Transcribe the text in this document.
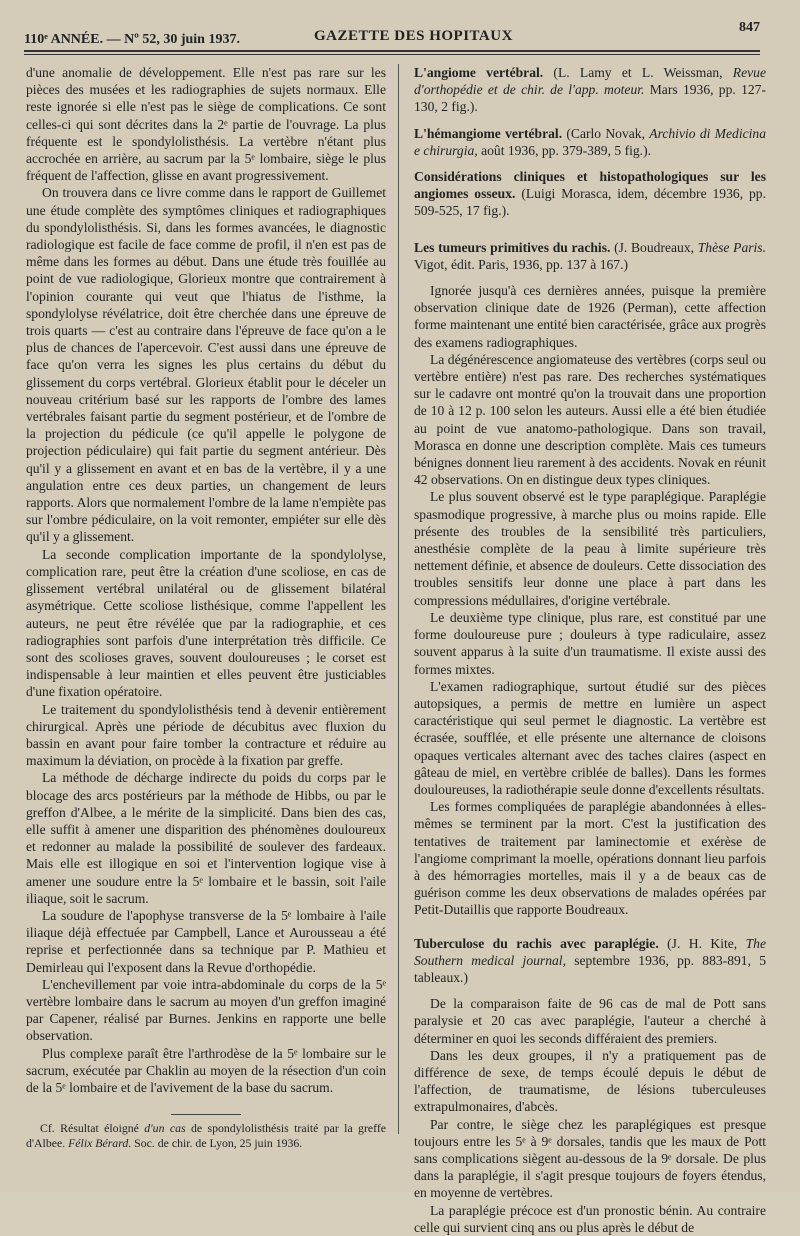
110ᵉ ANNÉE. — Nº 52, 30 juin 1937.	GAZETTE DES HOPITAUX
847

d'une anomalie de développement. Elle n'est pas rare sur les pièces des musées et les radiographies de sujets normaux. Elle reste ignorée si elle n'est pas le siège de complications. Ce sont celles-ci qui sont décrites dans la 2ᵉ partie de l'ouvrage. La plus fréquente est le spondylolisthésis. La vertèbre n'étant plus accrochée en arrière, au sacrum par la 5ᵉ lombaire, siège le plus fréquent de l'affection, glisse en avant progressivement.

On trouvera dans ce livre comme dans le rapport de Guillemet une étude complète des symptômes cliniques et radiographiques du spondylolisthésis. Si, dans les formes avancées, le diagnostic radiologique est facile de face comme de profil, il n'en est pas de même dans les formes au début. Dans une étude très fouillée au point de vue radiologique, Glorieux montre que contrairement à l'opinion courante qui veut que l'hiatus de l'isthme, la spondylolyse révélatrice, doit être cherchée dans une épreuve de trois quarts — c'est au contraire dans l'épreuve de face qu'on a le plus de chances de l'apercevoir. C'est aussi dans une épreuve de face qu'on verra les signes les plus certains du début du glissement du corps vertébral. Glorieux établit pour le déceler un nouveau critérium basé sur les rapports de l'ombre des lames vertébrales faisant partie du segment postérieur, et de l'ombre de la projection du pédicule (ce qu'il appelle le polygone de projection pédiculaire) qui fait partie du segment antérieur. Dès qu'il y a glissement en avant et en bas de la vertèbre, il y a une angulation entre ces deux parties, un changement de leurs rapports. Alors que normalement l'ombre de la lame n'empiète pas sur l'ombre pédiculaire, on la voit remonter, empiéter sur elle dès qu'il y a glissement.

La seconde complication importante de la spondylolyse, complication rare, peut être la création d'une scoliose, en cas de glissement vertébral unilatéral ou de glissement bilatéral asymétrique. Cette scoliose listhésique, comme l'appellent les auteurs, ne peut être révélée que par la radiographie, et ces radiographies sont parfois d'une interprétation très difficile. Ce sont des scolioses graves, souvent douloureuses ; le corset est indispensable à leur maintien et elles peuvent être justiciables d'une fixation opératoire.

Le traitement du spondylolisthésis tend à devenir entièrement chirurgical. Après une période de décubitus avec fluxion du bassin en avant pour faire tomber la contracture et réduire au maximum la déviation, on procède à la fixation par greffe.

La méthode de décharge indirecte du poids du corps par le blocage des arcs postérieurs par la méthode de Hibbs, ou par le greffon d'Albee, a le mérite de la simplicité. Dans bien des cas, elle suffit à amener une disparition des phénomènes douloureux et redonner au malade la possibilité de soulever des fardeaux. Mais elle est illogique en soi et l'intervention logique vise à amener une soudure entre la 5ᵉ lombaire et le bassin, soit l'aile iliaque, soit le sacrum.

La soudure de l'apophyse transverse de la 5ᵉ lombaire à l'aile iliaque déjà effectuée par Campbell, Lance et Aurousseau a été reprise et perfectionnée dans sa technique par P. Mathieu et Demirleau qui l'exposent dans la Revue d'orthopédie.

L'enchevillement par voie intra-abdominale du corps de la 5ᵉ vertèbre lombaire dans le sacrum au moyen d'un greffon imaginé par Capener, réalisé par Burnes. Jenkins en rapporte une belle observation.

Plus complexe paraît être l'arthrodèse de la 5ᵉ lombaire sur le sacrum, exécutée par Chaklin au moyen de la résection d'un coin de la 5ᵉ lombaire et de l'avivement de la base du sacrum.

Cf. Résultat éloigné d'un cas de spondylolisthésis traité par la greffe d'Albee. Félix Bérard. Soc. de chir. de Lyon, 25 juin 1936.

L'angiome vertébral. (L. Lamy et L. Weissman, Revue d'orthopédie et de chir. de l'app. moteur. Mars 1936, pp. 127-130, 2 fig.).

L'hémangiome vertébral. (Carlo Novak, Archivio di Medicina e chirurgia, août 1936, pp. 379-389, 5 fig.).

Considérations cliniques et histopathologiques sur les angiomes osseux. (Luigi Morasca, idem, décembre 1936, pp. 509-525, 17 fig.).

Les tumeurs primitives du rachis. (J. Boudreaux, Thèse Paris. Vigot, édit. Paris, 1936, pp. 137 à 167.)

Ignorée jusqu'à ces dernières années, puisque la première observation clinique date de 1926 (Perman), cette affection forme maintenant une entité bien caractérisée, grâce aux progrès des examens radiographiques.

La dégénérescence angiomateuse des vertèbres (corps seul ou vertèbre entière) n'est pas rare. Des recherches systématiques sur le cadavre ont montré qu'on la trouvait dans une proportion de 10 à 12 p. 100 selon les auteurs. Aussi elle a été bien étudiée au point de vue anatomo-pathologique. Dans son travail, Morasca en donne une description complète. Mais ces tumeurs bénignes donnent lieu rarement à des accidents. Novak en réunit 42 observations. On en distingue deux types cliniques.

Le plus souvent observé est le type paraplégique. Paraplégie spasmodique progressive, à marche plus ou moins rapide. Elle présente des troubles de la sensibilité très particuliers, anesthésie complète de la peau à limite supérieure très nettement définie, et absence de douleurs. Cette dissociation des troubles sensitifs leur donne une place à part dans les compressions médullaires, d'origine vertébrale.

Le deuxième type clinique, plus rare, est constitué par une forme douloureuse pure ; douleurs à type radiculaire, assez souvent apparus à la suite d'un traumatisme. Il existe aussi des formes mixtes.

L'examen radiographique, surtout étudié sur des pièces autopsiques, a permis de mettre en lumière un aspect caractéristique qui seul permet le diagnostic. La vertèbre est écrasée, soufflée, et elle présente une alternance de cloisons opaques verticales alternant avec des taches claires (aspect en gâteau de miel, en vertèbre criblée de balles). Dans les formes douloureuses, la radiothérapie seule donne d'excellents résultats.

Les formes compliquées de paraplégie abandonnées à elles-mêmes se terminent par la mort. C'est la justification des tentatives de traitement par laminectomie et exérèse de l'angiome comprimant la moelle, opérations donnant lieu parfois à des hémorragies mortelles, mais il y a de beaux cas de guérison comme les deux observations de malades opérées par Petit-Dutaillis que rapporte Boudreaux.

Tuberculose du rachis avec paraplégie. (J. H. Kite, The Southern medical journal, septembre 1936, pp. 883-891, 5 tableaux.)

De la comparaison faite de 96 cas de mal de Pott sans paralysie et 20 cas avec paraplégie, l'auteur a cherché à déterminer en quoi les seconds différaient des premiers.

Dans les deux groupes, il n'y a pratiquement pas de différence de sexe, de temps écoulé depuis le début de l'affection, de traumatisme, de lésions tuberculeuses extrapulmonaires, d'abcès.

Par contre, le siège chez les paraplégiques est presque toujours entre les 5ᵉ à 9ᵉ dorsales, tandis que les maux de Pott sans complications siègent au-dessous de la 9ᵉ dorsale. De plus dans la paraplégie, il s'agit presque toujours de foyers étendus, en moyenne de vertèbres.

La paraplégie précoce est d'un pronostic bénin. Au contraire celle qui survient cinq ans ou plus après le début de
